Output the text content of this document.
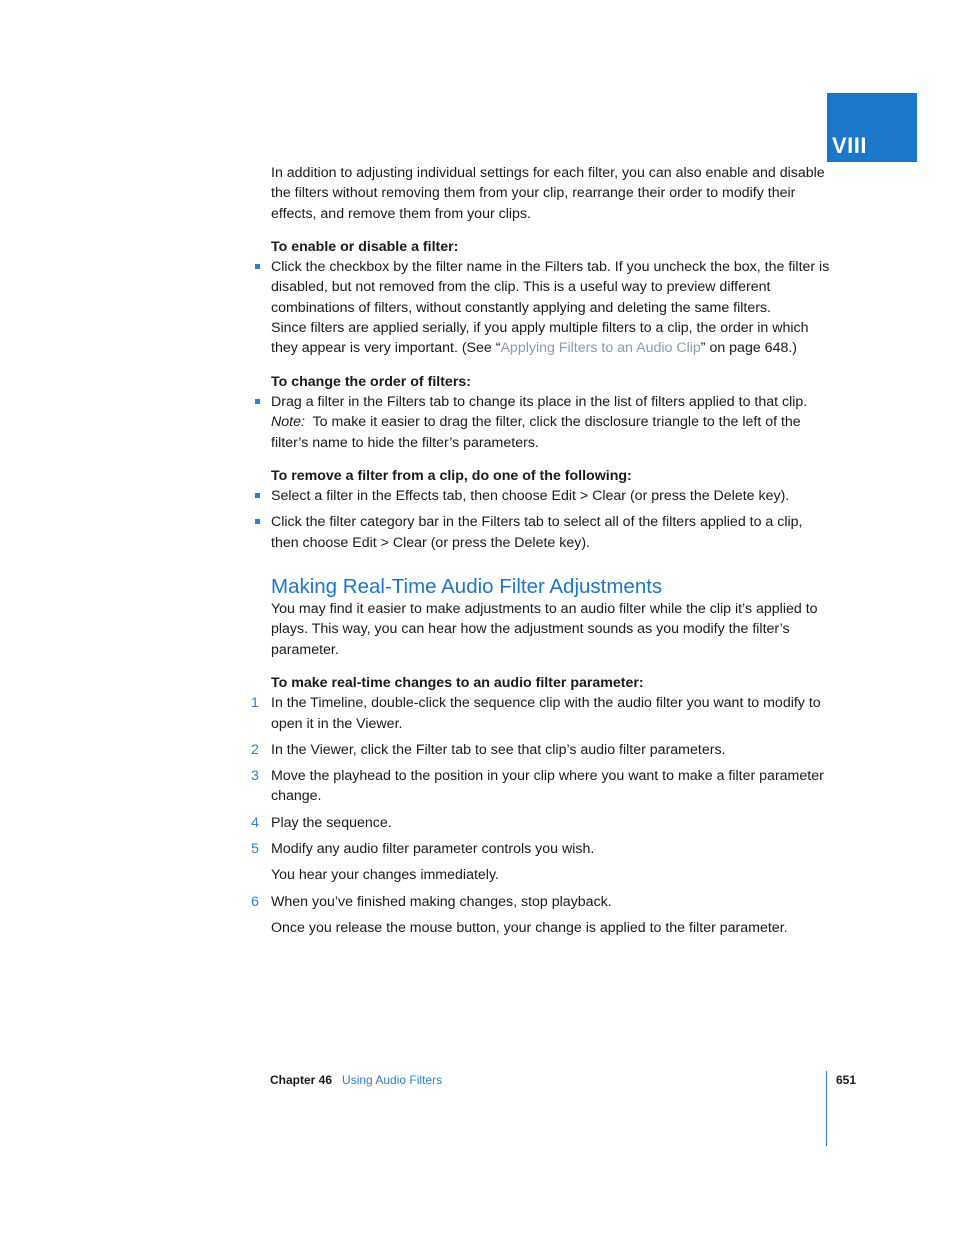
VIII

In addition to adjusting individual settings for each filter, you can also enable and disable the filters without removing them from your clip, rearrange their order to modify their effects, and remove them from your clips.

To enable or disable a filter:

Click the checkbox by the filter name in the Filters tab. If you uncheck the box, the filter is disabled, but not removed from the clip. This is a useful way to preview different combinations of filters, without constantly applying and deleting the same filters.

Since filters are applied serially, if you apply multiple filters to a clip, the order in which they appear is very important. (See “Applying Filters to an Audio Clip” on page 648.)

To change the order of filters:

Drag a filter in the Filters tab to change its place in the list of filters applied to that clip.

Note: To make it easier to drag the filter, click the disclosure triangle to the left of the filter’s name to hide the filter’s parameters.

To remove a filter from a clip, do one of the following:

Select a filter in the Effects tab, then choose Edit > Clear (or press the Delete key).
Click the filter category bar in the Filters tab to select all of the filters applied to a clip, then choose Edit > Clear (or press the Delete key).
Making Real-Time Audio Filter Adjustments

You may find it easier to make adjustments to an audio filter while the clip it’s applied to plays. This way, you can hear how the adjustment sounds as you modify the filter’s parameter.

To make real-time changes to an audio filter parameter:

1 In the Timeline, double-click the sequence clip with the audio filter you want to modify to open it in the Viewer.
2 In the Viewer, click the Filter tab to see that clip’s audio filter parameters.
3 Move the playhead to the position in your clip where you want to make a filter parameter change.
4 Play the sequence.
5 Modify any audio filter parameter controls you wish.

You hear your changes immediately.

6 When you’ve finished making changes, stop playback.

Once you release the mouse button, your change is applied to the filter parameter.

Chapter 46 Using Audio Filters	651
